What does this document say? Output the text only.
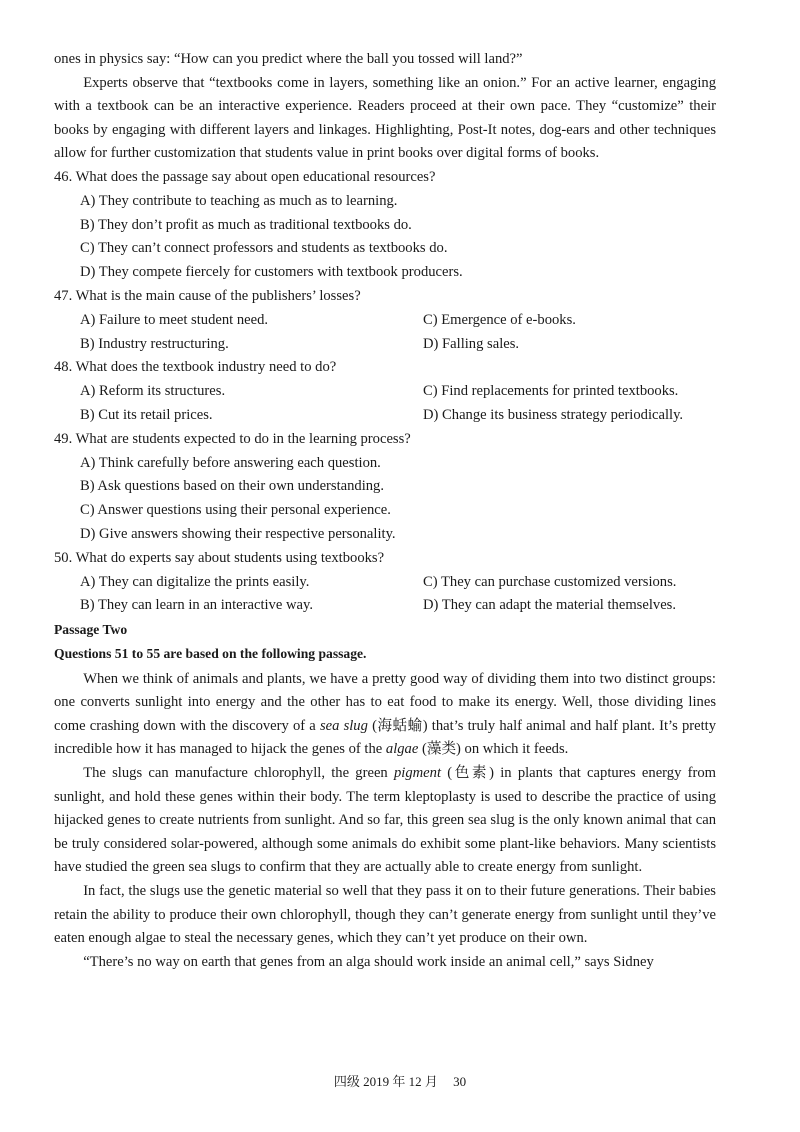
ones in physics say: “How can you predict where the ball you tossed will land?”

Experts observe that “textbooks come in layers, something like an onion.” For an active learner, engaging with a textbook can be an interactive experience. Readers proceed at their own pace. They “customize” their books by engaging with different layers and linkages. Highlighting, Post-It notes, dog-ears and other techniques allow for further customization that students value in print books over digital forms of books.

46. What does the passage say about open educational resources?

A) They contribute to teaching as much as to learning.

B) They don’t profit as much as traditional textbooks do.

C) They can’t connect professors and students as textbooks do.

D) They compete fiercely for customers with textbook producers.

47. What is the main cause of the publishers’ losses?

A) Failure to meet student need.	C) Emergence of e-books.
B) Industry restructuring.	D) Falling sales.

48. What does the textbook industry need to do?

A) Reform its structures.	C) Find replacements for printed textbooks.
B) Cut its retail prices.	D) Change its business strategy periodically.

49. What are students expected to do in the learning process?

A) Think carefully before answering each question.

B) Ask questions based on their own understanding.

C) Answer questions using their personal experience.

D) Give answers showing their respective personality.

50. What do experts say about students using textbooks?

A) They can digitalize the prints easily.	C) They can purchase customized versions.
B) They can learn in an interactive way.	D) They can adapt the material themselves.

Passage Two

Questions 51 to 55 are based on the following passage.

When we think of animals and plants, we have a pretty good way of dividing them into two distinct groups: one converts sunlight into energy and the other has to eat food to make its energy. Well, those dividing lines come crashing down with the discovery of a sea slug (海蛞蝓) that’s truly half animal and half plant. It’s pretty incredible how it has managed to hijack the genes of the algae (藻类) on which it feeds.

The slugs can manufacture chlorophyll, the green pigment (色素) in plants that captures energy from sunlight, and hold these genes within their body. The term kleptoplasty is used to describe the practice of using hijacked genes to create nutrients from sunlight. And so far, this green sea slug is the only known animal that can be truly considered solar-powered, although some animals do exhibit some plant-like behaviors. Many scientists have studied the green sea slugs to confirm that they are actually able to create energy from sunlight.

In fact, the slugs use the genetic material so well that they pass it on to their future generations. Their babies retain the ability to produce their own chlorophyll, though they can’t generate energy from sunlight until they’ve eaten enough algae to steal the necessary genes, which they can’t yet produce on their own.

“There’s no way on earth that genes from an alga should work inside an animal cell,” says Sidney

四级 2019 年 12 月 30
